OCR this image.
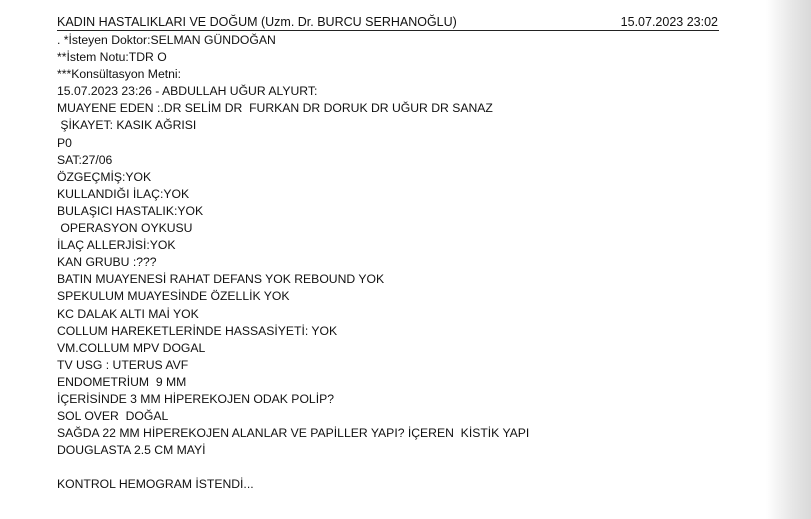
KADIN HASTALIKLARI VE DOĞUM (Uzm. Dr. BURCU SERHANOĞLU)	15.07.2023 23:02
. *İsteyen Doktor:SELMAN GÜNDOĞAN
**İstem Notu:TDR O
***Konsültasyon Metni:
15.07.2023 23:26 - ABDULLAH UĞUR ALYURT:
MUAYENE EDEN :.DR SELİM DR  FURKAN DR DORUK DR UĞUR DR SANAZ
ŞİKAYET: KASIK AĞRISI
P0
SAT:27/06
ÖZGEÇMİŞ:YOK
KULLANDIĞI İLAÇ:YOK
BULAŞICI HASTALIK:YOK
OPERASYON OYKUSU
İLAÇ ALLERJİSİ:YOK
KAN GRUBU :???
BATIN MUAYENESİ RAHAT DEFANS YOK REBOUND YOK
SPEKULUM MUAYESİNDE ÖZELLİK YOK
KC DALAK ALTI MAİ YOK
COLLUM HAREKETLERİNDE HASSASİYETİ: YOK
VM.COLLUM MPV DOGAL
TV USG : UTERUS AVF
ENDOMETRİUM  9 MM
İÇERİSİNDE 3 MM HİPEREKOJEN ODAK POLİP?
SOL OVER  DOĞAL
SAĞDA 22 MM HİPEREKOJEN ALANLAR VE PAPİLLER YAPI? İÇEREN  KİSTİK YAPI
DOUGLASTA 2.5 CM MAYİ
KONTROL HEMOGRAM İSTENDİ...
